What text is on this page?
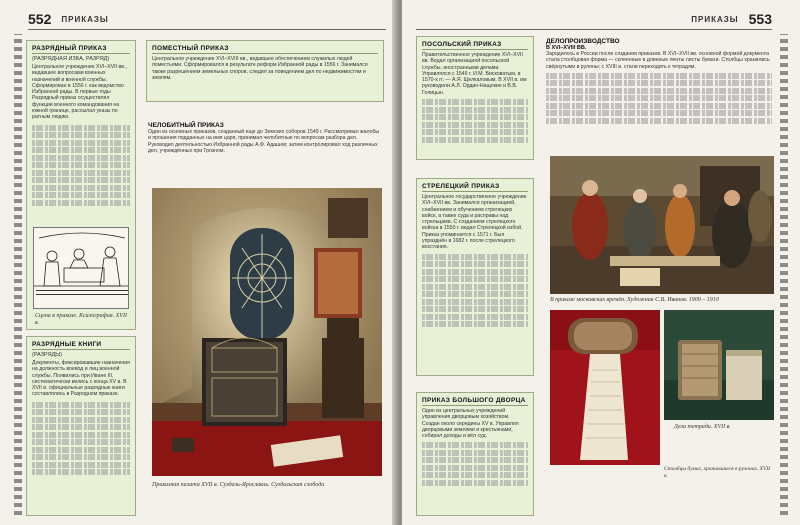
552 ПРИКАЗЫ
РАЗРЯДНЫЙ ПРИКАЗ
(РАЗРЯДНАЯ ИЗБА, РАЗРЯД)
Центральное учреждение XVI–XVII вв., ведавшее вопросами военных назначений и военной службы. Сформирован в 1556 г. как ведомство Избранной рады. В первые годы Разрядный приказ осуществлял функции военного командования на южной границе, рассылал указы по ратным людям.
Сцена в приказе. Ксилография. XVII в.
РАЗРЯДНЫЕ КНИГИ
(РАЗРЯДЫ)
Документы, фиксировавшие назначения на должность воевод и лиц военной службы. Появились при Иване III, систематически велись с конца XV в. В XVII в. официальные разрядные книги составлялись в Разрядном приказе.
ПОМЕСТНЫЙ ПРИКАЗ
Центральное учреждение XVI–XVIII вв., ведавшее обеспечением служилых людей поместьями. Сформировался в результате реформ Избранной рады в 1556 г. Занимался также разрешением земельных споров, следил за поведением дел по недвижимостям и землям.
ЧЕЛОБИТНЫЙ ПРИКАЗ
Один из основных приказов, созданный еще до Земских соборов 1549 г. Рассматривал жалобы и прошения подданных на имя царя, принимал челобитные по вопросам разбора дел. Руководил деятельностью Избранной рады А.Ф. Адашев; затем контролировал ход различных дел, учреждённых при Грозном.
Приказная палата XVII в. Суздаль-Ярославль. Суздальская слобода
ПРИКАЗЫ 553
ПОСОЛЬСКИЙ ПРИКАЗ
Правительственное учреждение XVI–XVII вв. Ведал организацией посольской службы, иностранными делами. Управлялся с 1549 г. И.М. Висковатым, в 1570-х гг. — А.Я. Щелкаловым. В XVII в. им руководили А.Л. Ордин-Нащокин и В.В. Голицын.
СТРЕЛЕЦКИЙ ПРИКАЗ
Центральное государственное учреждение XVI–XVII вв. Занимался организацией, снабжением и обучением стрелецких войск, а также суда и расправы над стрельцами. С созданием стрелецкого войска в 1550 г. ведал Стрелецкой избой. Приказ упоминается с 1571 г. Был упразднён в 1682 г. после стрелецкого восстания.
ПРИКАЗ БОЛЬШОГО ДВОРЦА
Один из центральных учреждений управления дворцовым хозяйством. Создан около середины XV в. Управлял дворцовыми землями и крестьянами, собирал доходы и вёл суд.
ДЕЛОПРОИЗВОДСТВО
В XVI–XVIII ВВ.
Зародилось в России после создания приказов. В XVI–XVII вв. основной формой документа стала столбцовая форма — склеенные в длинные ленты листы бумаги. Столбцы хранились свёрнутыми в рулоны; с XVIII в. стали переходить к тетрадям.
В приказе московских времён. Художник С.В. Иванов. 1909 – 1910
Столбцы бумаг, хранившиеся в рулонах. XVII в.
Дела тетради. XVII в.
